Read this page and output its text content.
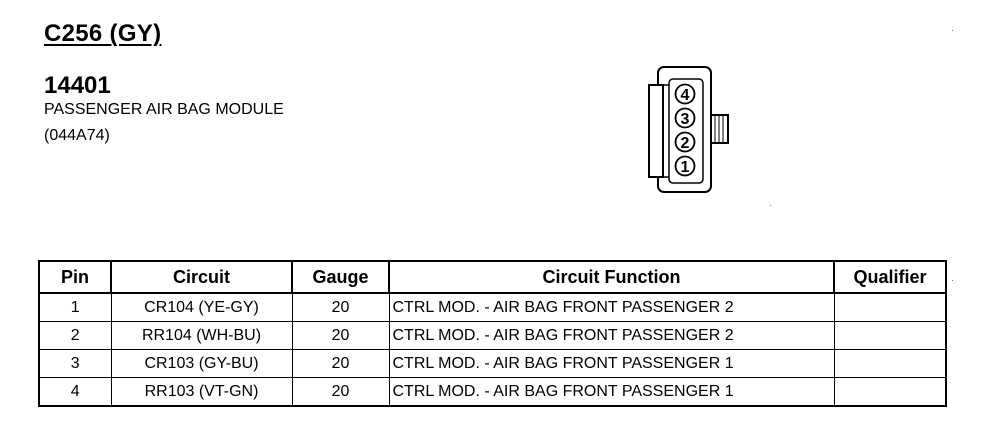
C256 (GY)
14401

PASSENGER AIR BAG MODULE

(044A74)

4
3
2
1
Pin	Circuit	Gauge	Circuit Function	Qualifier
1	CR104 (YE-GY)	20	CTRL MOD. - AIR BAG FRONT PASSENGER 2	
2	RR104 (WH-BU)	20	CTRL MOD. - AIR BAG FRONT PASSENGER 2	
3	CR103 (GY-BU)	20	CTRL MOD. - AIR BAG FRONT PASSENGER 1	
4	RR103 (VT-GN)	20	CTRL MOD. - AIR BAG FRONT PASSENGER 1	
